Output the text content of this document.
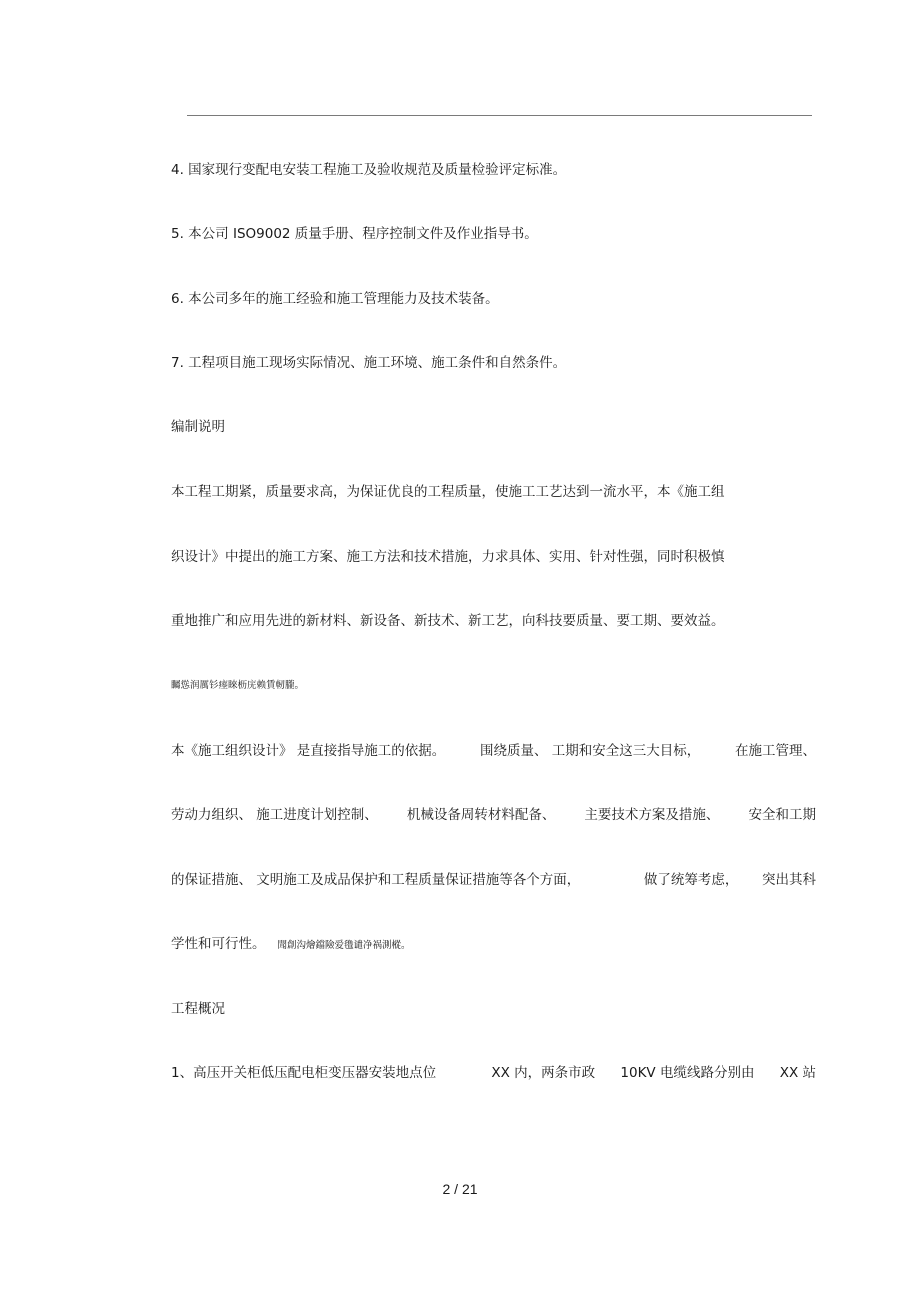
4. 国家现行变配电安装工程施工及验收规范及质量检验评定标准。
5. 本公司 ISO9002 质量手册、程序控制文件及作业指导书。
6. 本公司多年的施工经验和施工管理能力及技术装备。
7. 工程项目施工现场实际情况、施工环境、施工条件和自然条件。
编制说明
本工程工期紧，质量要求高，为保证优良的工程质量，使施工工艺达到一流水平，本《施工组
织设计》中提出的施工方案、施工方法和技术措施，力求具体、实用、针对性强，同时积极慎
重地推广和应用先进的新材料、新设备、新技术、新工艺，向科技要质量、要工期、要效益。
矚慫润厲钐瘗睞枥庑赖賃軔朧。
本《施工组织设计》 是直接指导施工的依据。	围绕质量、 工期和安全这三大目标，	在施工管理、
劳动力组织、 施工进度计划控制、 机械设备周转材料配备、 主要技术方案及措施、 安全和工期
的保证措施、 文明施工及成品保护和工程质量保证措施等各个方面，	做了统筹考虑， 突出其科
学性和可行性。 聞創沟燴鐺險爱氇谴净祸測樅。
工程概况
1、高压开关柜低压配电柜变压器安装地点位	XX 内，两条市政 10KV 电缆线路分别由 XX 站
2 / 21
